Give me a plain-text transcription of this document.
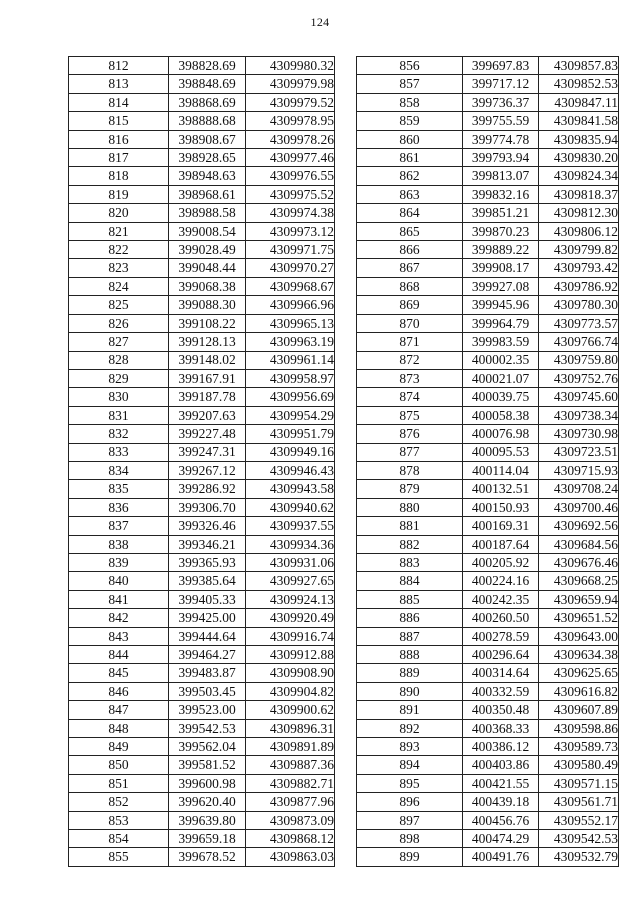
124
812	398828.69	4309980.32
813	398848.69	4309979.98
814	398868.69	4309979.52
815	398888.68	4309978.95
816	398908.67	4309978.26
817	398928.65	4309977.46
818	398948.63	4309976.55
819	398968.61	4309975.52
820	398988.58	4309974.38
821	399008.54	4309973.12
822	399028.49	4309971.75
823	399048.44	4309970.27
824	399068.38	4309968.67
825	399088.30	4309966.96
826	399108.22	4309965.13
827	399128.13	4309963.19
828	399148.02	4309961.14
829	399167.91	4309958.97
830	399187.78	4309956.69
831	399207.63	4309954.29
832	399227.48	4309951.79
833	399247.31	4309949.16
834	399267.12	4309946.43
835	399286.92	4309943.58
836	399306.70	4309940.62
837	399326.46	4309937.55
838	399346.21	4309934.36
839	399365.93	4309931.06
840	399385.64	4309927.65
841	399405.33	4309924.13
842	399425.00	4309920.49
843	399444.64	4309916.74
844	399464.27	4309912.88
845	399483.87	4309908.90
846	399503.45	4309904.82
847	399523.00	4309900.62
848	399542.53	4309896.31
849	399562.04	4309891.89
850	399581.52	4309887.36
851	399600.98	4309882.71
852	399620.40	4309877.96
853	399639.80	4309873.09
854	399659.18	4309868.12
855	399678.52	4309863.03
856	399697.83	4309857.83
857	399717.12	4309852.53
858	399736.37	4309847.11
859	399755.59	4309841.58
860	399774.78	4309835.94
861	399793.94	4309830.20
862	399813.07	4309824.34
863	399832.16	4309818.37
864	399851.21	4309812.30
865	399870.23	4309806.12
866	399889.22	4309799.82
867	399908.17	4309793.42
868	399927.08	4309786.92
869	399945.96	4309780.30
870	399964.79	4309773.57
871	399983.59	4309766.74
872	400002.35	4309759.80
873	400021.07	4309752.76
874	400039.75	4309745.60
875	400058.38	4309738.34
876	400076.98	4309730.98
877	400095.53	4309723.51
878	400114.04	4309715.93
879	400132.51	4309708.24
880	400150.93	4309700.46
881	400169.31	4309692.56
882	400187.64	4309684.56
883	400205.92	4309676.46
884	400224.16	4309668.25
885	400242.35	4309659.94
886	400260.50	4309651.52
887	400278.59	4309643.00
888	400296.64	4309634.38
889	400314.64	4309625.65
890	400332.59	4309616.82
891	400350.48	4309607.89
892	400368.33	4309598.86
893	400386.12	4309589.73
894	400403.86	4309580.49
895	400421.55	4309571.15
896	400439.18	4309561.71
897	400456.76	4309552.17
898	400474.29	4309542.53
899	400491.76	4309532.79
